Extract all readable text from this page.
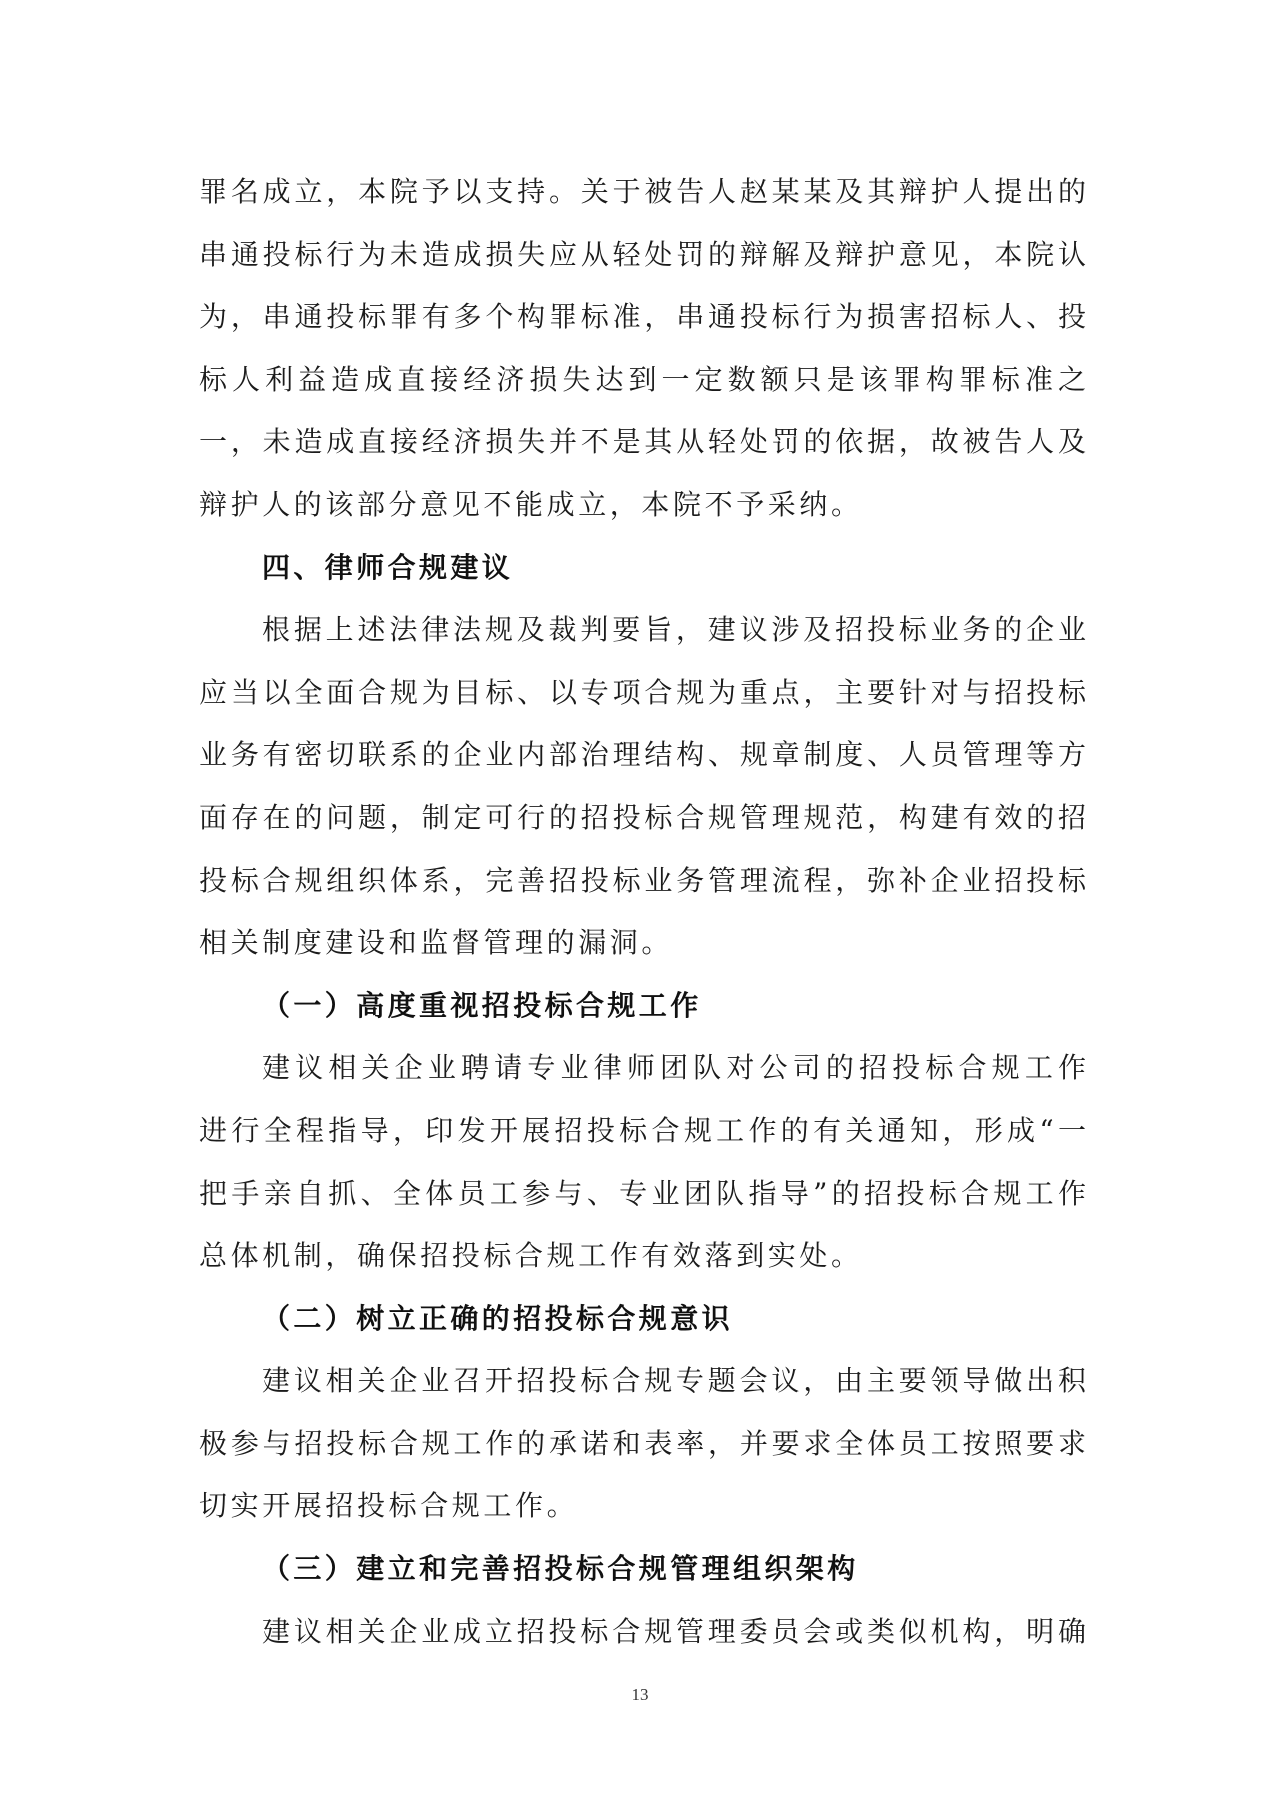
罪名成立，本院予以支持。关于被告人赵某某及其辩护人提出的
串通投标行为未造成损失应从轻处罚的辩解及辩护意见，本院认
为，串通投标罪有多个构罪标准，串通投标行为损害招标人、投
标人利益造成直接经济损失达到一定数额只是该罪构罪标准之
一，未造成直接经济损失并不是其从轻处罚的依据，故被告人及
辩护人的该部分意见不能成立，本院不予采纳。
四、律师合规建议
根据上述法律法规及裁判要旨，建议涉及招投标业务的企业
应当以全面合规为目标、以专项合规为重点，主要针对与招投标
业务有密切联系的企业内部治理结构、规章制度、人员管理等方
面存在的问题，制定可行的招投标合规管理规范，构建有效的招
投标合规组织体系，完善招投标业务管理流程，弥补企业招投标
相关制度建设和监督管理的漏洞。
（一）高度重视招投标合规工作
建议相关企业聘请专业律师团队对公司的招投标合规工作
进行全程指导，印发开展招投标合规工作的有关通知，形成“一
把手亲自抓、全体员工参与、专业团队指导”的招投标合规工作
总体机制，确保招投标合规工作有效落到实处。
（二）树立正确的招投标合规意识
建议相关企业召开招投标合规专题会议，由主要领导做出积
极参与招投标合规工作的承诺和表率，并要求全体员工按照要求
切实开展招投标合规工作。
（三）建立和完善招投标合规管理组织架构
建议相关企业成立招投标合规管理委员会或类似机构，明确
13
